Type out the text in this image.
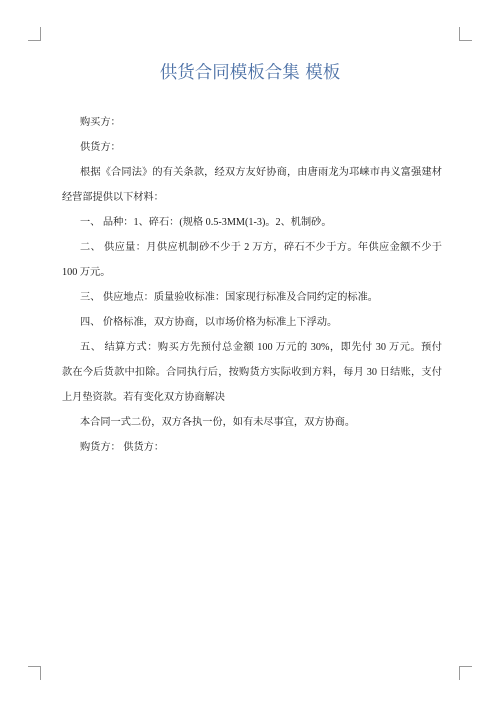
供货合同模板合集 模板
购买方：
供货方：
根据《合同法》的有关条款，经双方友好协商，由唐雨龙为邛崃市冉义富强建材
经营部提供以下材料：
一、 品种：1、碎石：(规格 0.5-3MM(1-3)。2、机制砂。
二、 供应量：月供应机制砂不少于 2 万方，碎石不少于方。年供应金额不少于
100 万元。
三、 供应地点：质量验收标准：国家现行标准及合同约定的标准。
四、 价格标准，双方协商，以市场价格为标准上下浮动。
五、 结算方式：购买方先预付总金额 100 万元的 30%，即先付 30 万元。预付
款在今后货款中扣除。合同执行后，按购货方实际收到方料，每月 30 日结账，支付
上月垫资款。若有变化双方协商解决
本合同一式二份，双方各执一份，如有未尽事宜，双方协商。
购货方： 供货方：
